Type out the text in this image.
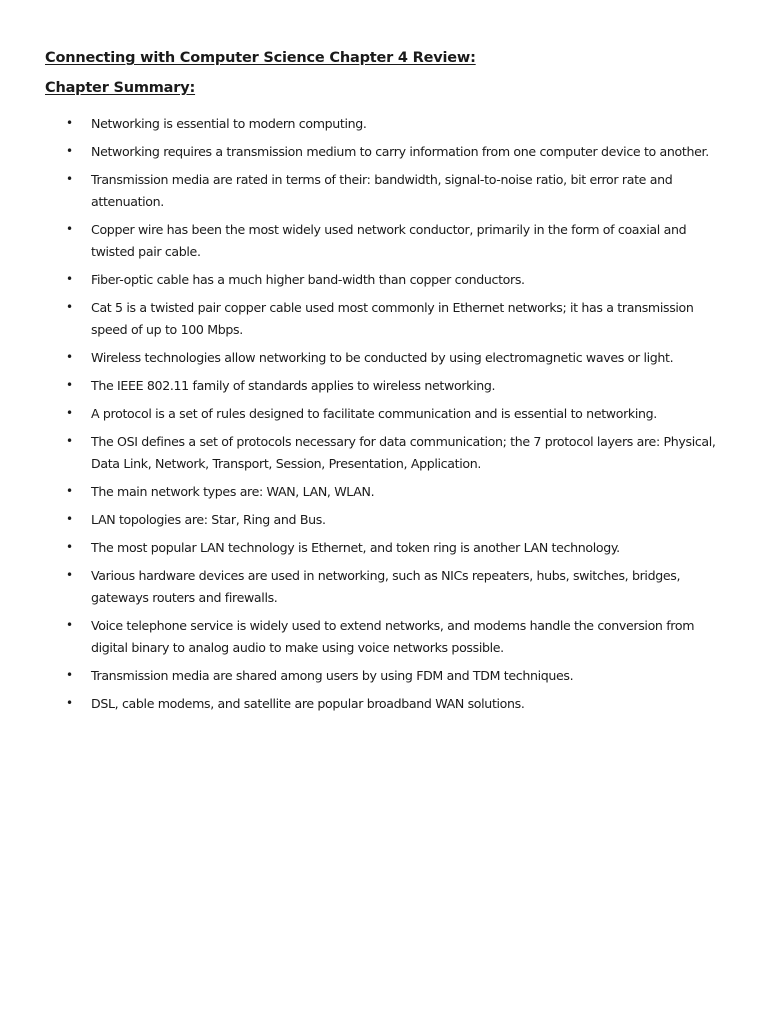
Connecting with Computer Science Chapter 4 Review:
Chapter Summary:
• Networking is essential to modern computing.
• Networking requires a transmission medium to carry information from one computer device to another.
• Transmission media are rated in terms of their: bandwidth, signal-to-noise ratio, bit error rate and attenuation.
• Copper wire has been the most widely used network conductor, primarily in the form of coaxial and twisted pair cable.
• Fiber-optic cable has a much higher band-width than copper conductors.
• Cat 5 is a twisted pair copper cable used most commonly in Ethernet networks; it has a transmission speed of up to 100 Mbps.
• Wireless technologies allow networking to be conducted by using electromagnetic waves or light.
• The IEEE 802.11 family of standards applies to wireless networking.
• A protocol is a set of rules designed to facilitate communication and is essential to networking.
• The OSI defines a set of protocols necessary for data communication; the 7 protocol layers are: Physical, Data Link, Network, Transport, Session, Presentation, Application.
• The main network types are: WAN, LAN, WLAN.
• LAN topologies are: Star, Ring and Bus.
• The most popular LAN technology is Ethernet, and token ring is another LAN technology.
• Various hardware devices are used in networking, such as NICs repeaters, hubs, switches, bridges, gateways routers and firewalls.
• Voice telephone service is widely used to extend networks, and modems handle the conversion from digital binary to analog audio to make using voice networks possible.
• Transmission media are shared among users by using FDM and TDM techniques.
• DSL, cable modems, and satellite are popular broadband WAN solutions.
